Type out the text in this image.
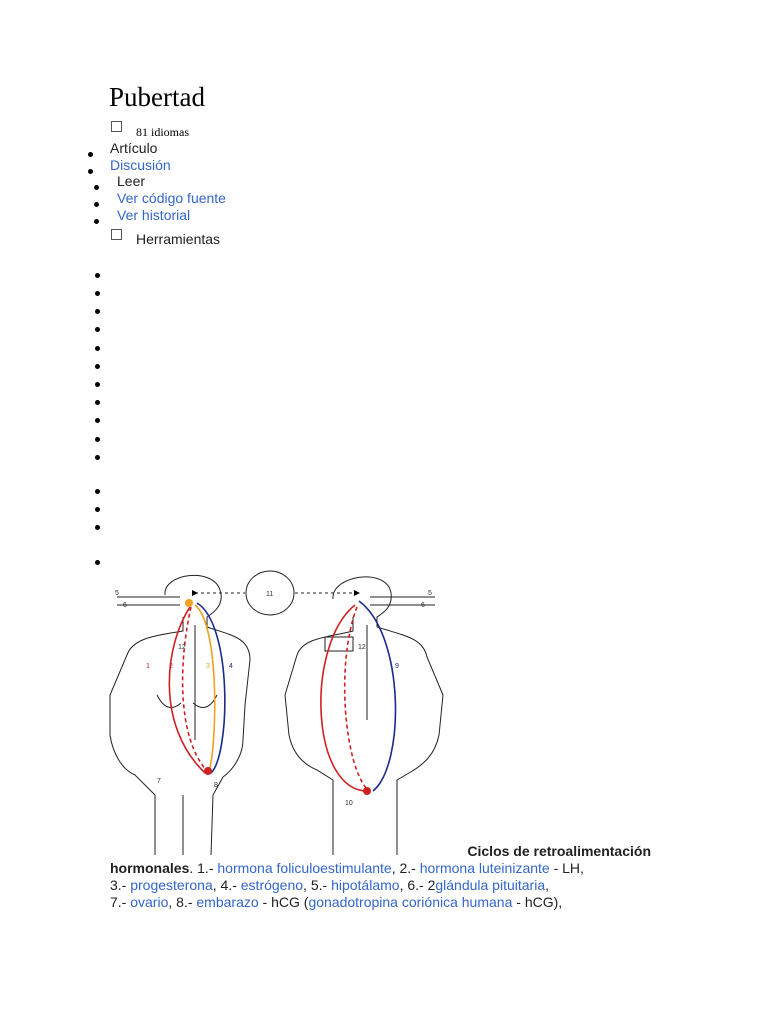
Pubertad
81 idiomas
Artículo
Discusión
Leer
Ver código fuente
Ver historial
Herramientas
5
6
11	5
6
12	12
1	2	3	4
7
8
9
10
Ciclos de retroalimentación
hormonales. 1.- hormona foliculoestimulante, 2.- hormona luteinizante - LH,
3.- progesterona, 4.- estrógeno, 5.- hipotálamo, 6.- 2glándula pituitaria,
7.- ovario, 8.- embarazo - hCG (gonadotropina coriónica humana - hCG),
